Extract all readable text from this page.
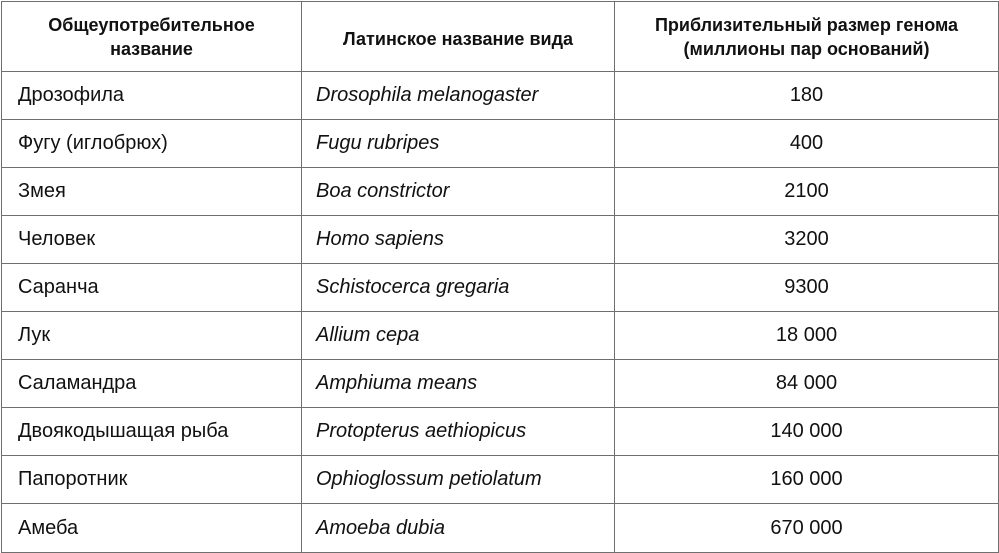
Общеупотребительное название	Латинское название вида	Приблизительный размер генома (миллионы пар оснований)
Дрозофила	Drosophila melanogaster	180
Фугу (иглобрюх)	Fugu rubripes	400
Змея	Boa constrictor	2100
Человек	Homo sapiens	3200
Саранча	Schistocerca gregaria	9300
Лук	Allium cepa	18 000
Саламандра	Amphiuma means	84 000
Двоякодышащая рыба	Protopterus aethiopicus	140 000
Папоротник	Ophioglossum petiolatum	160 000
Амеба	Amoeba dubia	670 000
